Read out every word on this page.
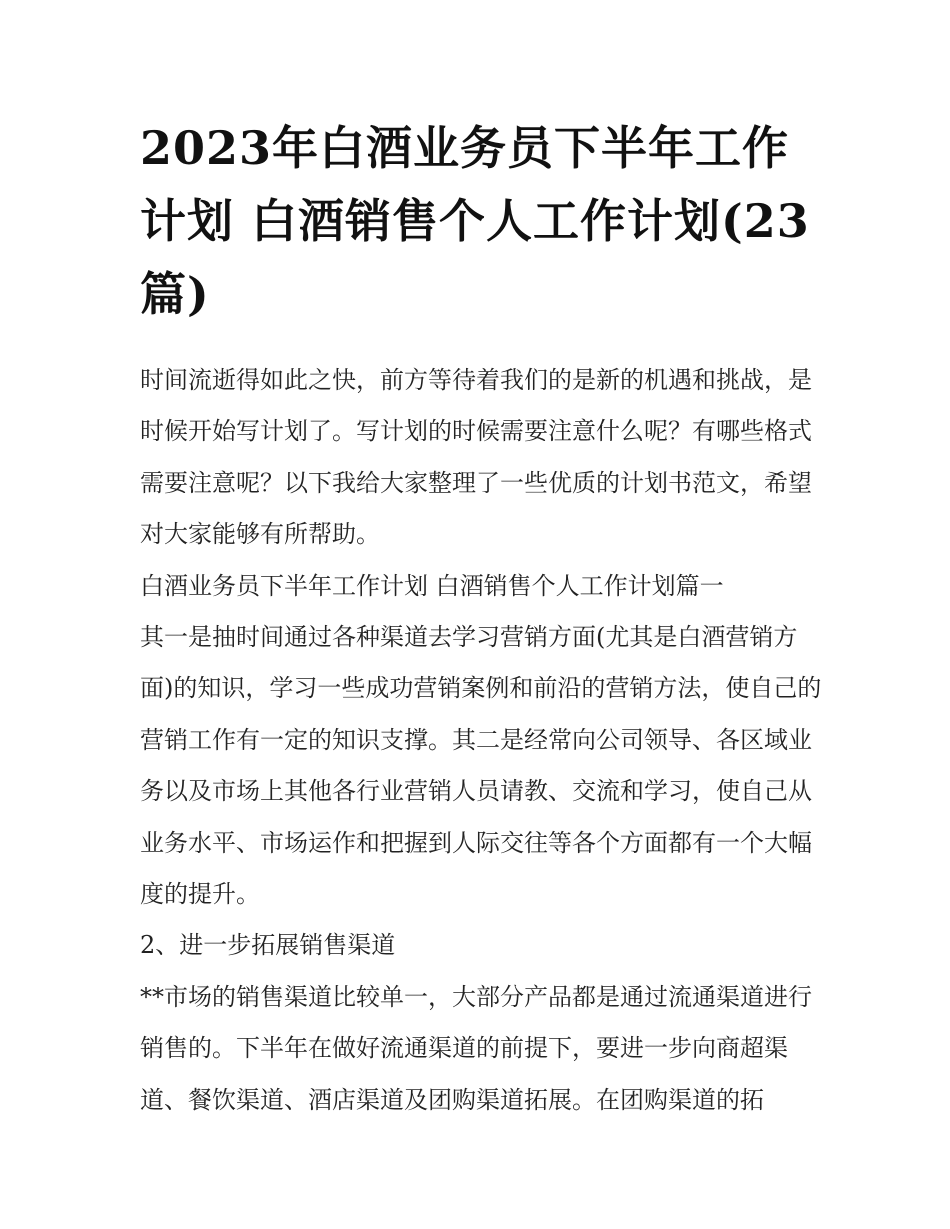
2023年白酒业务员下半年工作计划 白酒销售个人工作计划(23篇)

时间流逝得如此之快，前方等待着我们的是新的机遇和挑战，是时候开始写计划了。写计划的时候需要注意什么呢？有哪些格式需要注意呢？以下我给大家整理了一些优质的计划书范文，希望对大家能够有所帮助。

白酒业务员下半年工作计划 白酒销售个人工作计划篇一

其一是抽时间通过各种渠道去学习营销方面(尤其是白酒营销方面)的知识，学习一些成功营销案例和前沿的营销方法，使自己的营销工作有一定的知识支撑。其二是经常向公司领导、各区域业务以及市场上其他各行业营销人员请教、交流和学习，使自己从业务水平、市场运作和把握到人际交往等各个方面都有一个大幅度的提升。

2、进一步拓展销售渠道

**市场的销售渠道比较单一，大部分产品都是通过流通渠道进行销售的。下半年在做好流通渠道的前提下，要进一步向商超渠道、餐饮渠道、酒店渠道及团购渠道拓展。在团购渠道的拓
